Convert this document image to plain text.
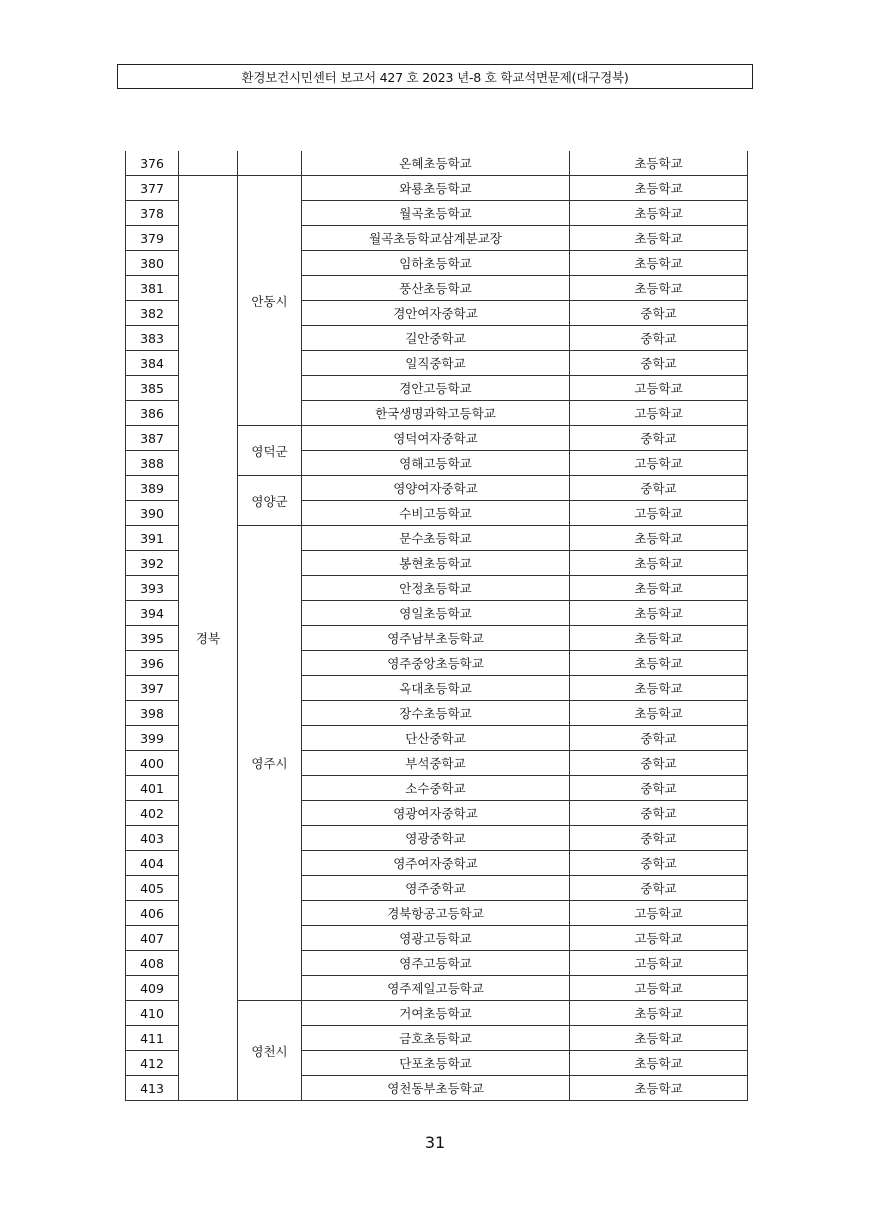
환경보건시민센터 보고서 427 호 2023 년-8 호 학교석면문제(대구경북)
376			온혜초등학교	초등학교
377	경북	안동시	와룡초등학교	초등학교
378			월곡초등학교	초등학교
379			월곡초등학교삼계분교장	초등학교
380			임하초등학교	초등학교
381			풍산초등학교	초등학교
382			경안여자중학교	중학교
383			길안중학교	중학교
384			일직중학교	중학교
385			경안고등학교	고등학교
386			한국생명과학고등학교	고등학교
387		영덕군	영덕여자중학교	중학교
388			영해고등학교	고등학교
389		영양군	영양여자중학교	중학교
390			수비고등학교	고등학교
391		영주시	문수초등학교	초등학교
392			봉현초등학교	초등학교
393			안정초등학교	초등학교
394			영일초등학교	초등학교
395			영주남부초등학교	초등학교
396			영주중앙초등학교	초등학교
397			옥대초등학교	초등학교
398			장수초등학교	초등학교
399			단산중학교	중학교
400			부석중학교	중학교
401			소수중학교	중학교
402			영광여자중학교	중학교
403			영광중학교	중학교
404			영주여자중학교	중학교
405			영주중학교	중학교
406			경북항공고등학교	고등학교
407			영광고등학교	고등학교
408			영주고등학교	고등학교
409			영주제일고등학교	고등학교
410		영천시	거여초등학교	초등학교
411			금호초등학교	초등학교
412			단포초등학교	초등학교
413			영천동부초등학교	초등학교
31
